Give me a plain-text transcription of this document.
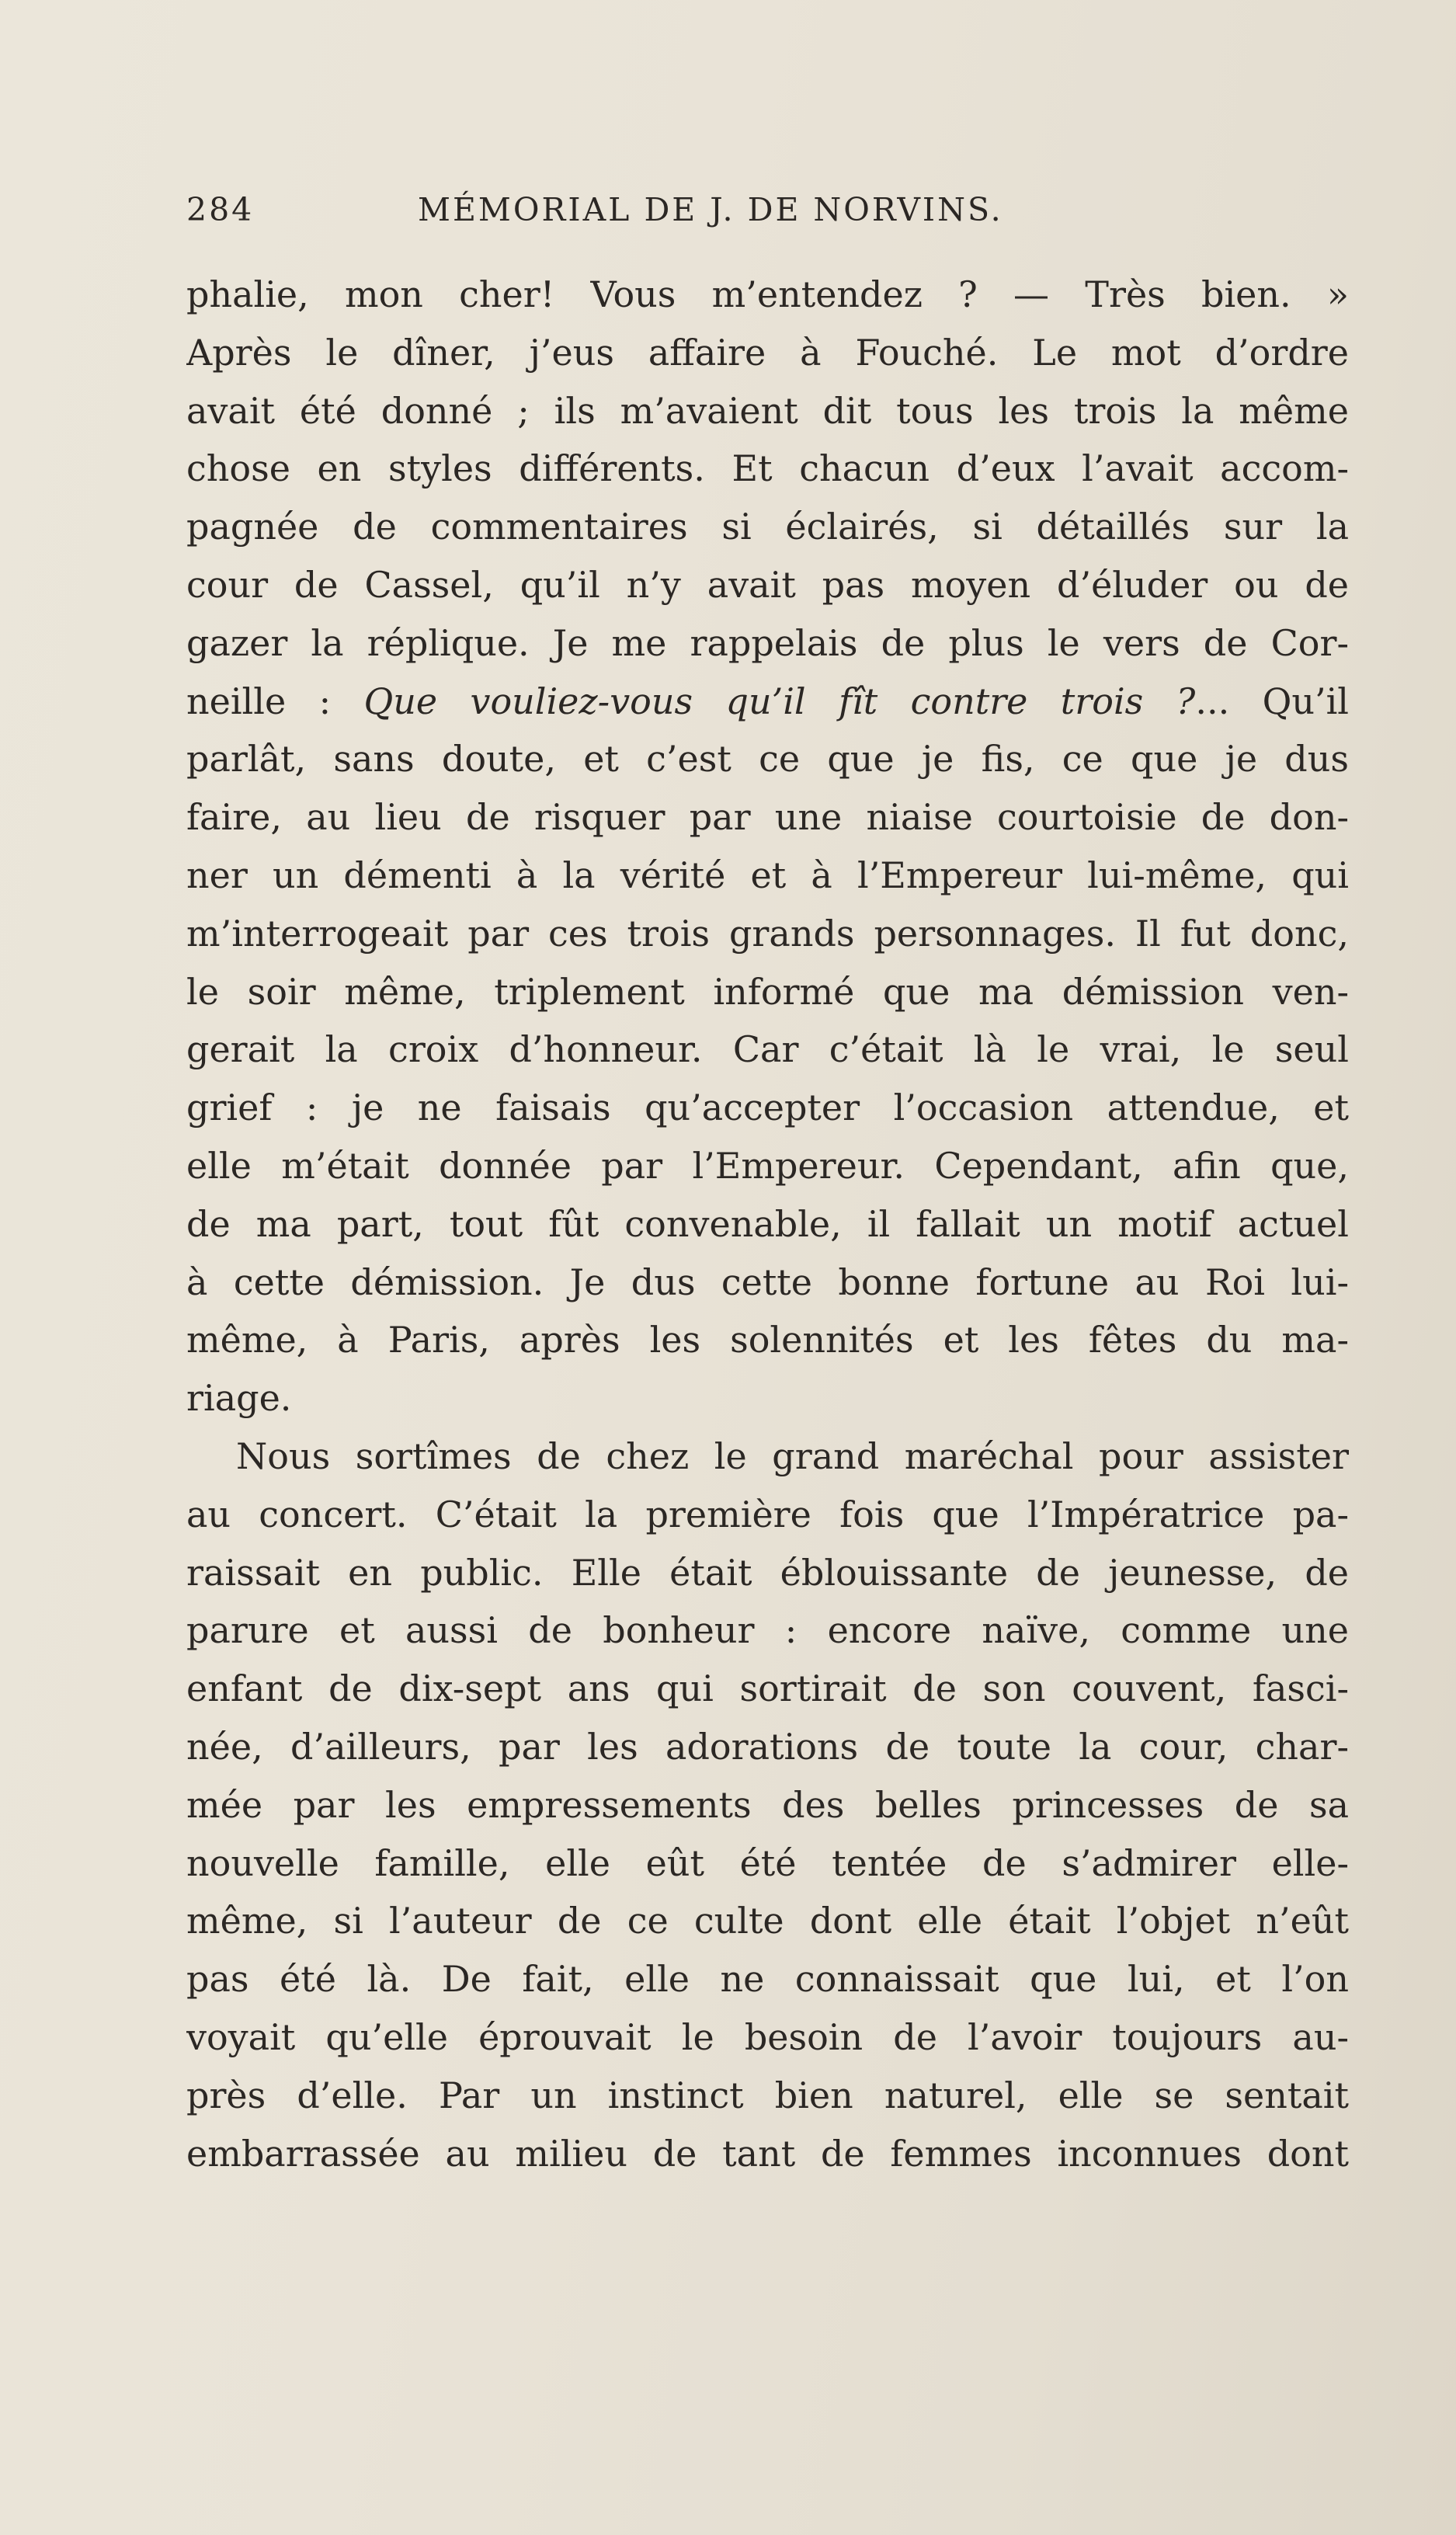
284	MÉMORIAL DE J. DE NORVINS.
phalie, mon cher! Vous m’entendez ? — Très bien. »
Après le dîner, j’eus affaire à Fouché. Le mot d’ordre
avait été donné ; ils m’avaient dit tous les trois la même
chose en styles différents. Et chacun d’eux l’avait accom-
pagnée de commentaires si éclairés, si détaillés sur la
cour de Cassel, qu’il n’y avait pas moyen d’éluder ou de
gazer la réplique. Je me rappelais de plus le vers de Cor-
neille : Que vouliez-vous qu’il fît contre trois ?... Qu’il
parlât, sans doute, et c’est ce que je fis, ce que je dus
faire, au lieu de risquer par une niaise courtoisie de don-
ner un démenti à la vérité et à l’Empereur lui-même, qui
m’interrogeait par ces trois grands personnages. Il fut donc,
le soir même, triplement informé que ma démission ven-
gerait la croix d’honneur. Car c’était là le vrai, le seul
grief : je ne faisais qu’accepter l’occasion attendue, et
elle m’était donnée par l’Empereur. Cependant, afin que,
de ma part, tout fût convenable, il fallait un motif actuel
à cette démission. Je dus cette bonne fortune au Roi lui-
même, à Paris, après les solennités et les fêtes du ma-
riage.
Nous sortîmes de chez le grand maréchal pour assister
au concert. C’était la première fois que l’Impératrice pa-
raissait en public. Elle était éblouissante de jeunesse, de
parure et aussi de bonheur : encore naïve, comme une
enfant de dix-sept ans qui sortirait de son couvent, fasci-
née, d’ailleurs, par les adorations de toute la cour, char-
mée par les empressements des belles princesses de sa
nouvelle famille, elle eût été tentée de s’admirer elle-
même, si l’auteur de ce culte dont elle était l’objet n’eût
pas été là. De fait, elle ne connaissait que lui, et l’on
voyait qu’elle éprouvait le besoin de l’avoir toujours au-
près d’elle. Par un instinct bien naturel, elle se sentait
embarrassée au milieu de tant de femmes inconnues dont
